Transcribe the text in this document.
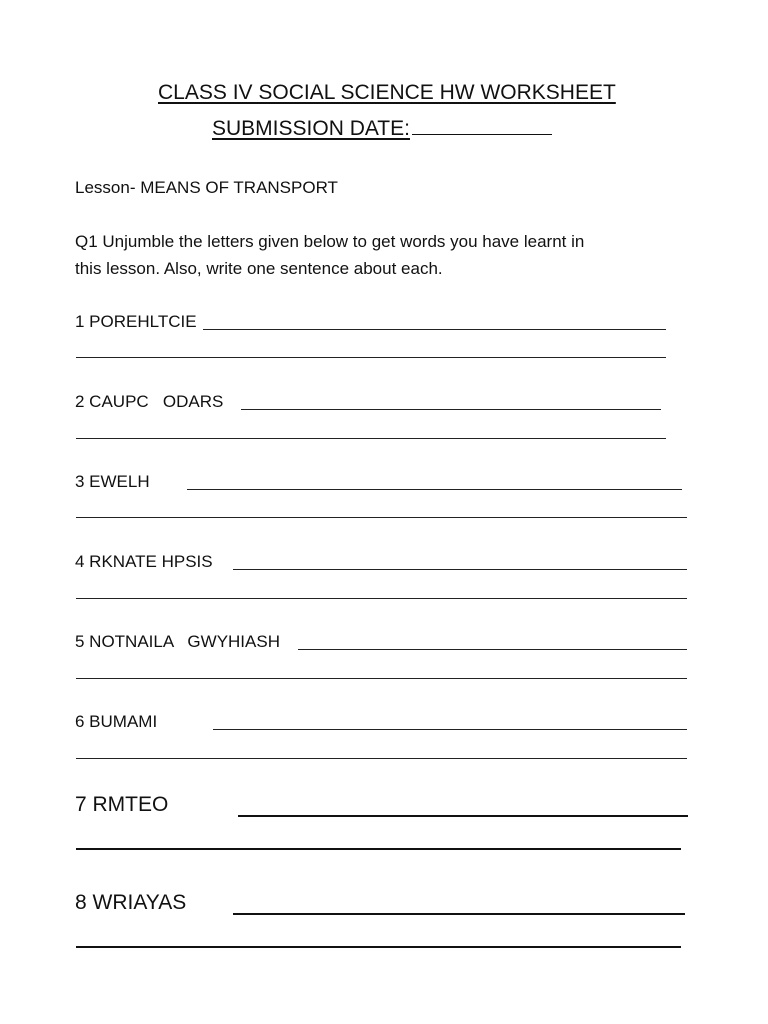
CLASS IV SOCIAL SCIENCE HW WORKSHEET
SUBMISSION DATE:
Lesson- MEANS OF TRANSPORT
Q1 Unjumble the letters given below to get words you have learnt in
this lesson. Also, write one sentence about each.
1 POREHLTCIE
2 CAUPC   ODARS
3 EWELH
4 RKNATE HPSIS
5 NOTNAILA   GWYHIASH
6 BUMAMI
7 RMTEO
8 WRIAYAS
